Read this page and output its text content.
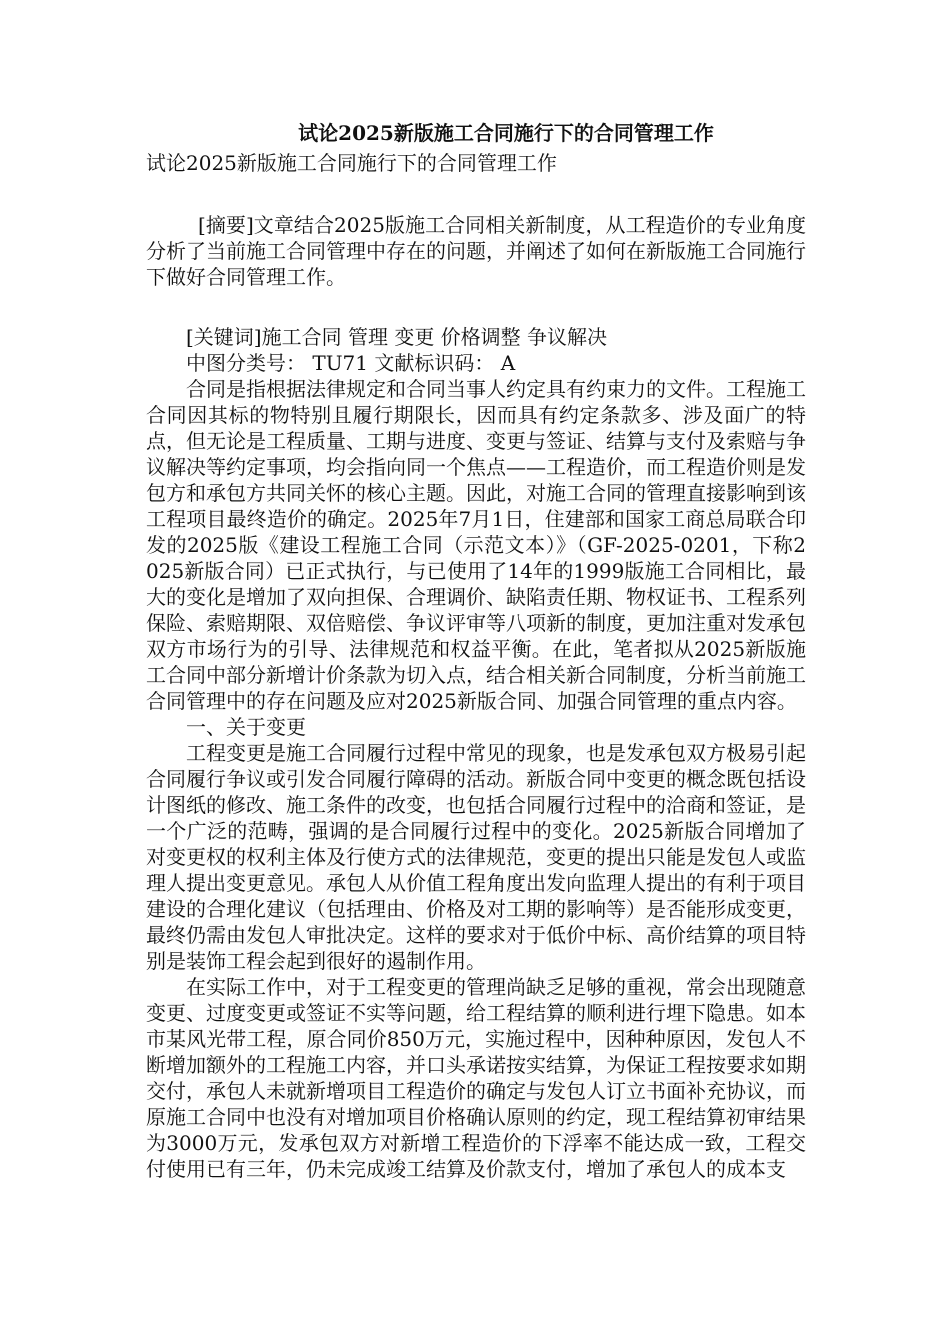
试论2025新版施工合同施行下的合同管理工作
试论2025新版施工合同施行下的合同管理工作

[摘要]文章结合2025版施工合同相关新制度，从工程造价的专业角度分析了当前施工合同管理中存在的问题，并阐述了如何在新版施工合同施行下做好合同管理工作。

[关键词]施工合同 管理 变更 价格调整 争议解决

中图分类号： TU71 文献标识码： A

合同是指根据法律规定和合同当事人约定具有约束力的文件。工程施工合同因其标的物特别且履行期限长，因而具有约定条款多、涉及面广的特点，但无论是工程质量、工期与进度、变更与签证、结算与支付及索赔与争议解决等约定事项，均会指向同一个焦点——工程造价，而工程造价则是发包方和承包方共同关怀的核心主题。因此，对施工合同的管理直接影响到该工程项目最终造价的确定。2025年7月1日，住建部和国家工商总局联合印发的2025版《建设工程施工合同（示范文本）》（GF-2025-0201，下称2025新版合同）已正式执行，与已使用了14年的1999版施工合同相比，最大的变化是增加了双向担保、合理调价、缺陷责任期、物权证书、工程系列保险、索赔期限、双倍赔偿、争议评审等八项新的制度，更加注重对发承包双方市场行为的引导、法律规范和权益平衡。在此，笔者拟从2025新版施工合同中部分新增计价条款为切入点，结合相关新合同制度，分析当前施工合同管理中的存在问题及应对2025新版合同、加强合同管理的重点内容。

一、关于变更

工程变更是施工合同履行过程中常见的现象，也是发承包双方极易引起合同履行争议或引发合同履行障碍的活动。新版合同中变更的概念既包括设计图纸的修改、施工条件的改变，也包括合同履行过程中的洽商和签证，是一个广泛的范畴，强调的是合同履行过程中的变化。2025新版合同增加了对变更权的权利主体及行使方式的法律规范，变更的提出只能是发包人或监理人提出变更意见。承包人从价值工程角度出发向监理人提出的有利于项目建设的合理化建议（包括理由、价格及对工期的影响等）是否能形成变更，最终仍需由发包人审批决定。这样的要求对于低价中标、高价结算的项目特别是装饰工程会起到很好的遏制作用。

在实际工作中，对于工程变更的管理尚缺乏足够的重视，常会出现随意变更、过度变更或签证不实等问题，给工程结算的顺利进行埋下隐患。如本市某风光带工程，原合同价850万元，实施过程中，因种种原因，发包人不断增加额外的工程施工内容，并口头承诺按实结算，为保证工程按要求如期交付，承包人未就新增项目工程造价的确定与发包人订立书面补充协议，而原施工合同中也没有对增加项目价格确认原则的约定，现工程结算初审结果为3000万元，发承包双方对新增工程造价的下浮率不能达成一致，工程交付使用已有三年，仍未完成竣工结算及价款支付，增加了承包人的成本支
